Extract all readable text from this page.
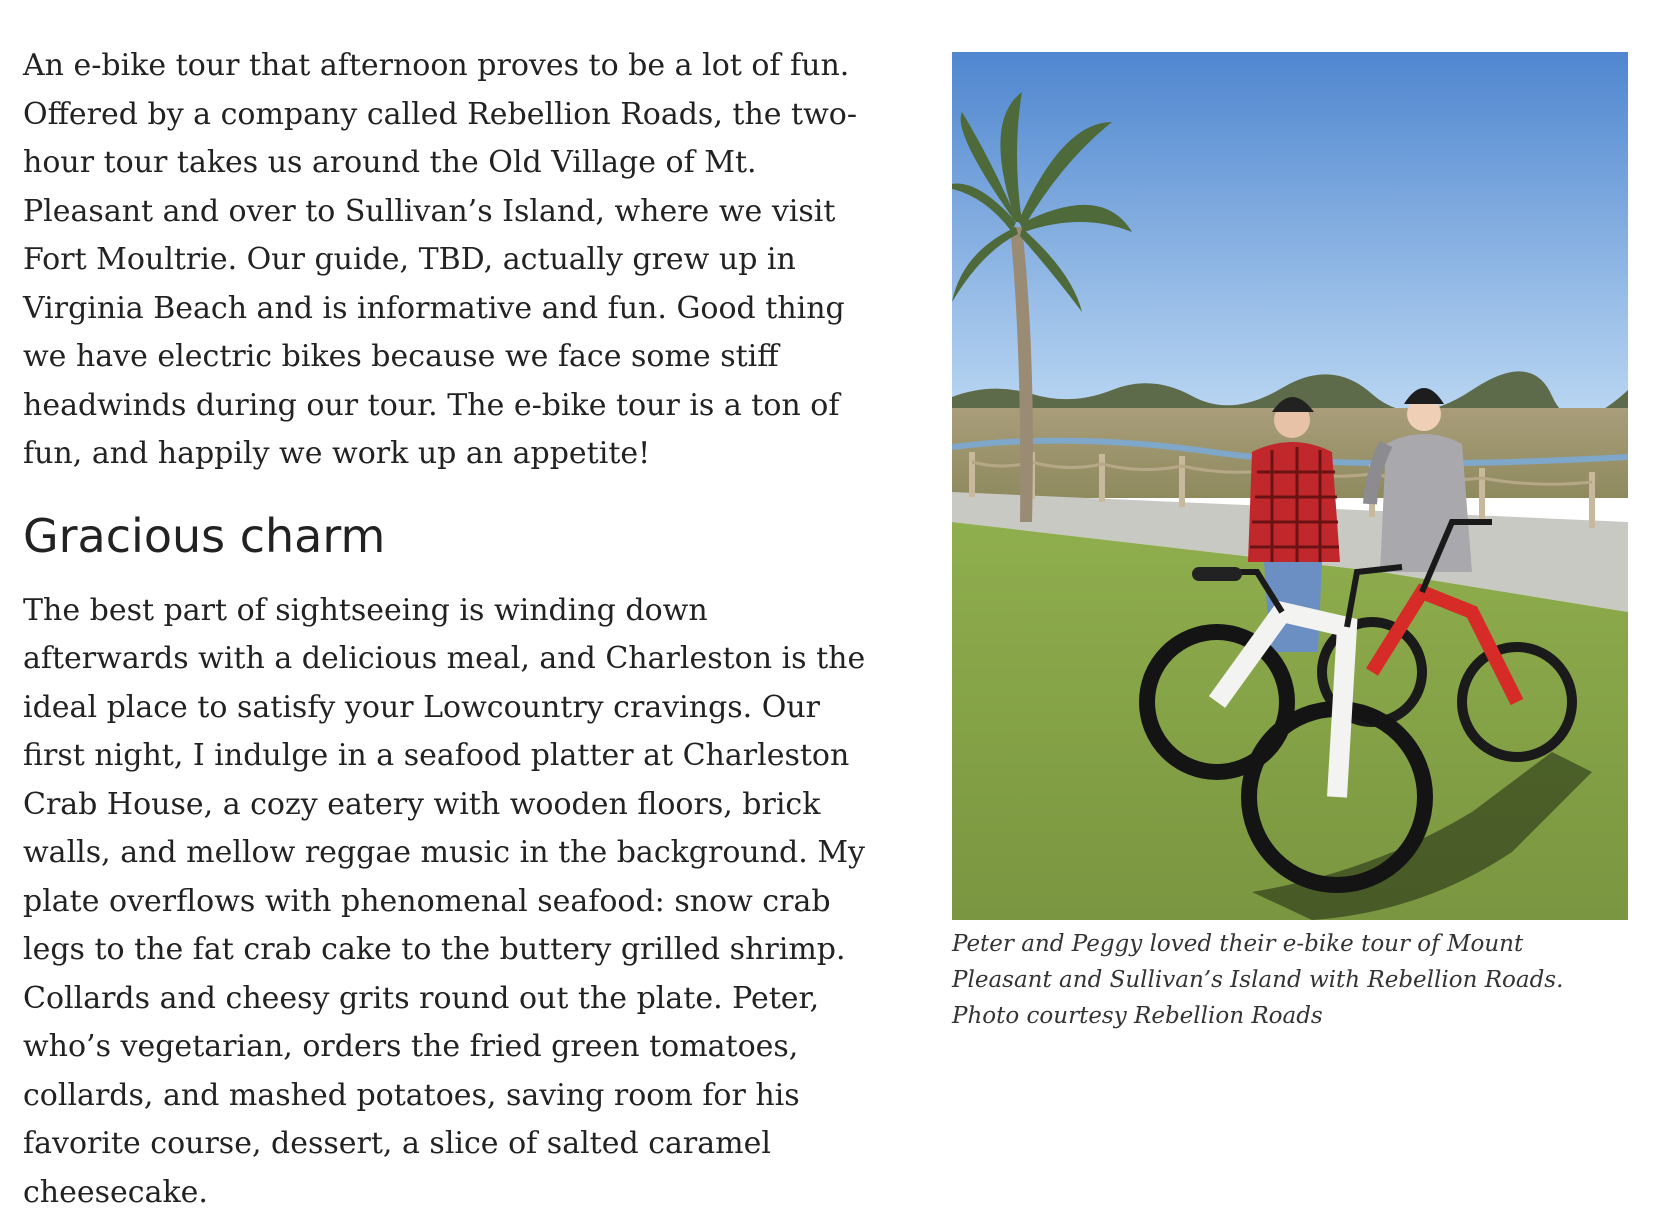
An e-bike tour that afternoon proves to be a lot of fun. Offered by a company called Rebellion Roads, the two-hour tour takes us around the Old Village of Mt. Pleasant and over to Sullivan’s Island, where we visit Fort Moultrie. Our guide, TBD, actually grew up in Virginia Beach and is informative and fun. Good thing we have electric bikes because we face some stiff headwinds during our tour. The e-bike tour is a ton of fun, and happily we work up an appetite!

Gracious charm

The best part of sightseeing is winding down afterwards with a delicious meal, and Charleston is the ideal place to satisfy your Lowcountry cravings. Our first night, I indulge in a seafood platter at Charleston Crab House, a cozy eatery with wooden floors, brick walls, and mellow reggae music in the background. My plate overflows with phenomenal seafood: snow crab legs to the fat crab cake to the buttery grilled shrimp. Collards and cheesy grits round out the plate. Peter, who’s vegetarian, orders the fried green tomatoes, collards, and mashed potatoes, saving room for his favorite course, dessert, a slice of salted caramel cheesecake.

Peter and Peggy loved their e-bike tour of Mount Pleasant and Sullivan’s Island with Rebellion Roads. Photo courtesy Rebellion Roads
